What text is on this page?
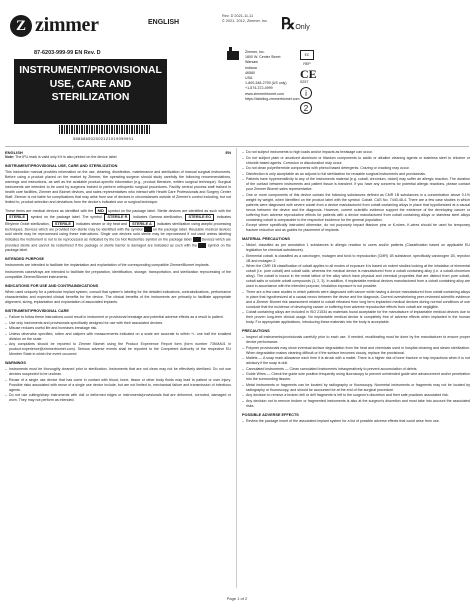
Z zimmer	ENGLISH
Rev. D 2021-11-11
© 2021, 2012, Zimmer, Inc. ℞Only
87-6203-999-99 EN Rev. D
INSTRUMENT/PROVISIONAL
USE, CARE AND
STERILIZATION
588686502002121019999991
Zimmer, Inc.
1800 W. Center Street
Warsaw
Indiana
46580
USA
1-800-348-2759 (US only)
+1-574-372-4999
www.zimmerbiomet.com
https://labeling.zimmerbiomet.com
EC REP
CE
0297
i
2
ENGLISH	EN
Note: The IFU mark is valid only if it is also printed on the device label.
INSTRUMENT/PROVISIONAL USE, CARE AND STERILIZATION
This instruction manual provides information on the use, cleaning, disinfection, maintenance and sterilization of manual surgical instruments. Before using a product placed on the market by Zimmer, the operating surgeon should study carefully the following recommendations, warnings and instructions, as well as the available product-specific information (e.g., product literature, written surgical technique). Surgical instruments are intended to be used by surgeons trained to perform orthopedic surgical procedures. Facility central process staff trained in health care facilities, Zimmer and Biomet devices, and sales representatives who interact with Health Care Professionals and Surgery Center Staff. Zimmer is not liable for complications that may arise from use of devices in circumstances outside of Zimmer's control including, but not limited to, product selection and deviations from the device's indicated use or surgical technique.
These items are medical devices as identified with the MD symbol on the package label. Sterile devices are identified as such with the STERILE symbol on the package label. The symbol STERILE R indicates Gamma sterilization, STERILE EO indicates Ethylene Oxide sterilization, STERILE indicates steam or dry heat and STERILE A indicates sterilization using aseptic processing techniques. Devices which are provided non-sterile may be identified with the symbol	on the package label. Reusable medical devices sold sterile may be reprocessed using these instructions. Single use devices sold sterile may be reprocessed if not used unless labeling indicates the instrument is not to be reprocessed as indicated by the Do Not Resterilize symbol on the package label	Devices which are provided sterile and cannot be resterilized if the package or sterile barrier is damaged are indicated as such with the	symbol on the package label.
INTENDED PURPOSE
Instruments are intended to facilitate the implantation and explantation of the corresponding compatible Zimmer/Biomet implants.
Instruments cases/trays are intended to facilitate the preparation, identification, storage, transportation, and sterilization reprocessing of the compatible Zimmer/Biomet instruments.
INDICATIONS FOR USE AND CONTRAINDICATIONS
When used uniquely for a particular implant system, consult that system's labeling for the detailed indications, contraindications, performance characteristics and expected clinical benefits for the device. The clinical benefits of the instruments are primarily to facilitate appropriate alignment, sizing, implantation and explantation of associated implants.
INSTRUMENT/PROVISIONAL CARE
– Failure to follow these instructions could result in instrument or provisional breakage and potential adverse effects as a result to patient.
– Use only instruments and provisionals specifically designed for use with their associated devices.
– Misuse reduces useful life and increases breakage risk.
– Unless otherwise specified, rotten and calipers with measurements indicated on a scale are accurate to within +/- one half the smallest division on the scale.
– Any complaints should be reported to Zimmer Biomet using the Product Experience Report form (form number 73KMA01 in product.experience@zimmerbiomet.com). Serious adverse events shall be reported to the Competent Authority of the respective EU Member State in which the event occurred.
WARNINGS
– Instruments must be thoroughly cleaned prior to sterilization. Instruments that are not clean may not be effectively sterilized. Do not use devices suspected to be unclean.
– Reuse of a single use device that has come in contact with blood, bone, tissue or other body fluids may lead to patient or user injury. Possible risks associated with reuse of a single use device include, but are not limited to, mechanical failure and transmission of infectious agents.
– Do not use cutting/sharp instruments with dull or deformed edges or instruments/provisionals that are deformed, corroded, damaged or worn. They may not perform as intended.
– Do not subject instruments to high loads and/or impacts as breakage can occur.
– Do not subject plain or anodized aluminum or titanium components to acidic or alkaline cleaning agents or stainless steel to chlorine or chloride based agents. Corrosion or discoloration may occur.
– Do not clean polyethermide components with phenol based detergents. Crazing or cracking may occur.
– Disinfection is only acceptable as an adjunct to full sterilization for reusable surgical instruments and provisionals.
– Patients have hypersensitivity to any of the instruments material (e.g. cobalt, chromium, nickel) may suffer an allergic reaction. The duration of the contact between instruments and patient tissue is transient. If you have any concerns for potential allergic reactions, please contact your Zimmer Biomet sales representative.
– One or more components of this device contain the following substances defined as CMR 1B substances in a concentration above 0.1% weight by weight, when identified on the product label with the symbol: Cobalt. CAS No. 7440-48-4. There are a few case studies in which patients were diagnosed with severe cobalt from a device manufactured from cobalt containing alloys in place that hypothesized at a causal nexus between the device and the diagnosis. However, current scientific evidence support the existence of the developing cancer or suffering from adverse reproductive effects for patients with a device manufactured from cobalt containing alloys or stainless steel alloys containing cobalt is comparable to the respective incidence for the general population.
– Except where specifically instructed otherwise, do not purposely impact titanium pins or K-wires. K-wires should be used for temporary fracture reduction and as guides for placement of implants.
MATERIAL PRECAUTIONS
– Nickel, classified as per annotation 1 substances in allergic reaction to users and/or patients (Classification based on applicable EU legislation for chemical substances).
– Elemental cobalt, is classified as a carcinogen, mutagen and toxic to reproduction (CMR) 1B substance, specifically carcinogen 1B, reprotox 1B and mutagen 2.
– When the CMR 1B classification of cobalt applies to all modes of exposure it is based on rodent studies looking at the inhalation of elemental cobalt (i.e. pure cobalt) and cobalt salts, whereas the medical device is manufactured from a cobalt containing alloy (i.e. a cobalt-chromium alloy). The cobalt is bound in the metal lattice of the alloy which have physical and chemical properties that are distinct from pure cobalt, cobalt salts or soluble cobalt compounds (1, 2, 3). In addition, if implantable medical devices manufactured from a cobalt containing alloy are used in accordance with the intended purpose, inhalation exposure is not possible.
– There are a few case studies in which patients were diagnosed with cancer while having a device manufactured from cobalt containing alloys in place that hypothesized at a causal nexus between the device and the diagnosis. Current overwhelming peer-reviewed scientific evidence and a Zimmer Biomet risk assessment related to cobalt released from long term implanted medical devices during normal conditions of use conclude that the incidence of developing cancer or suffering from adverse reproductive effects from cobalt are negligible.
– Cobalt containing alloys are included in ISO 21534 as materials found acceptable for the manufacture of implantable medical devices due to their proven long-term clinical usage. No implantable medical device is completely free of adverse effects when implanted in the human body. For appropriate applications, introducing these materials into the body is acceptable.
PRECAUTIONS
– Inspect all instruments/provisionals carefully prior to each use. If needed, recalibrating must be done by the manufacturer to ensure proper device performance.
– Polymer provisionals may show eventual surface degradation from the heat and chemicals used in hospital cleaning and steam sterilization. When degradation makes cleaning difficult or if the surface becomes cloudy, replace the provisional.
– Mallets — A soap mark allowance each time it is struck with a mallet. There is a higher risk of bone fracture or trap impactions when it is not advisory if the soap is dull.
– Cannulated instruments — Clean cannulated instruments intraoperatively to prevent accumulation of debris.
– Guide Wires — Check the guide wire position frequently using fluoroscopy to prevent unintended guide wire advancement and/or penetration into the surrounding tissues.
– Metal instruments or fragments can be located by radiography or fluoroscopy. Nonmetal instruments or fragments may not be located by radiography or fluoroscopy, and should be accounted for at the end of the surgical procedure.
– Any decision to remove a broken drill or drill fragments is left to the surgeon's discretion and their safe practices associated risk.
– Any decision not to remove broken or fragmented instruments is also at the surgeon's discretion and must take into account the associated risks.
POSSIBLE ADVERSE EFFECTS
– Review the package insert of the associated implant system for a list of possible adverse effects that could arise from use.
Page 1 of 2
